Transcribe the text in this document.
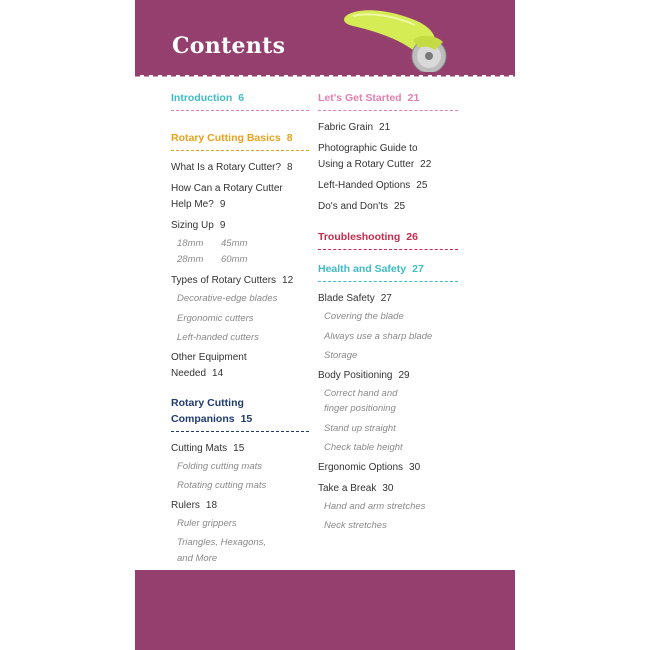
Contents
Introduction 6
Rotary Cutting Basics 8
What Is a Rotary Cutter? 8
How Can a Rotary Cutter
Help Me? 9
Sizing Up 9
18mm 45mm
28mm 60mm
Types of Rotary Cutters 12
Decorative-edge blades
Ergonomic cutters
Left-handed cutters
Other Equipment
Needed 14
Rotary Cutting
Companions 15
Cutting Mats 15
Folding cutting mats
Rotating cutting mats
Rulers 18
Ruler grippers
Triangles, Hexagons,
and More
Let's Get Started 21
Fabric Grain 21
Photographic Guide to
Using a Rotary Cutter 22
Left-Handed Options 25
Do's and Don'ts 25
Troubleshooting 26
Health and Safety 27
Blade Safety 27
Covering the blade
Always use a sharp blade
Storage
Body Positioning 29
Correct hand and
finger positioning
Stand up straight
Check table height
Ergonomic Options 30
Take a Break 30
Hand and arm stretches
Neck stretches
